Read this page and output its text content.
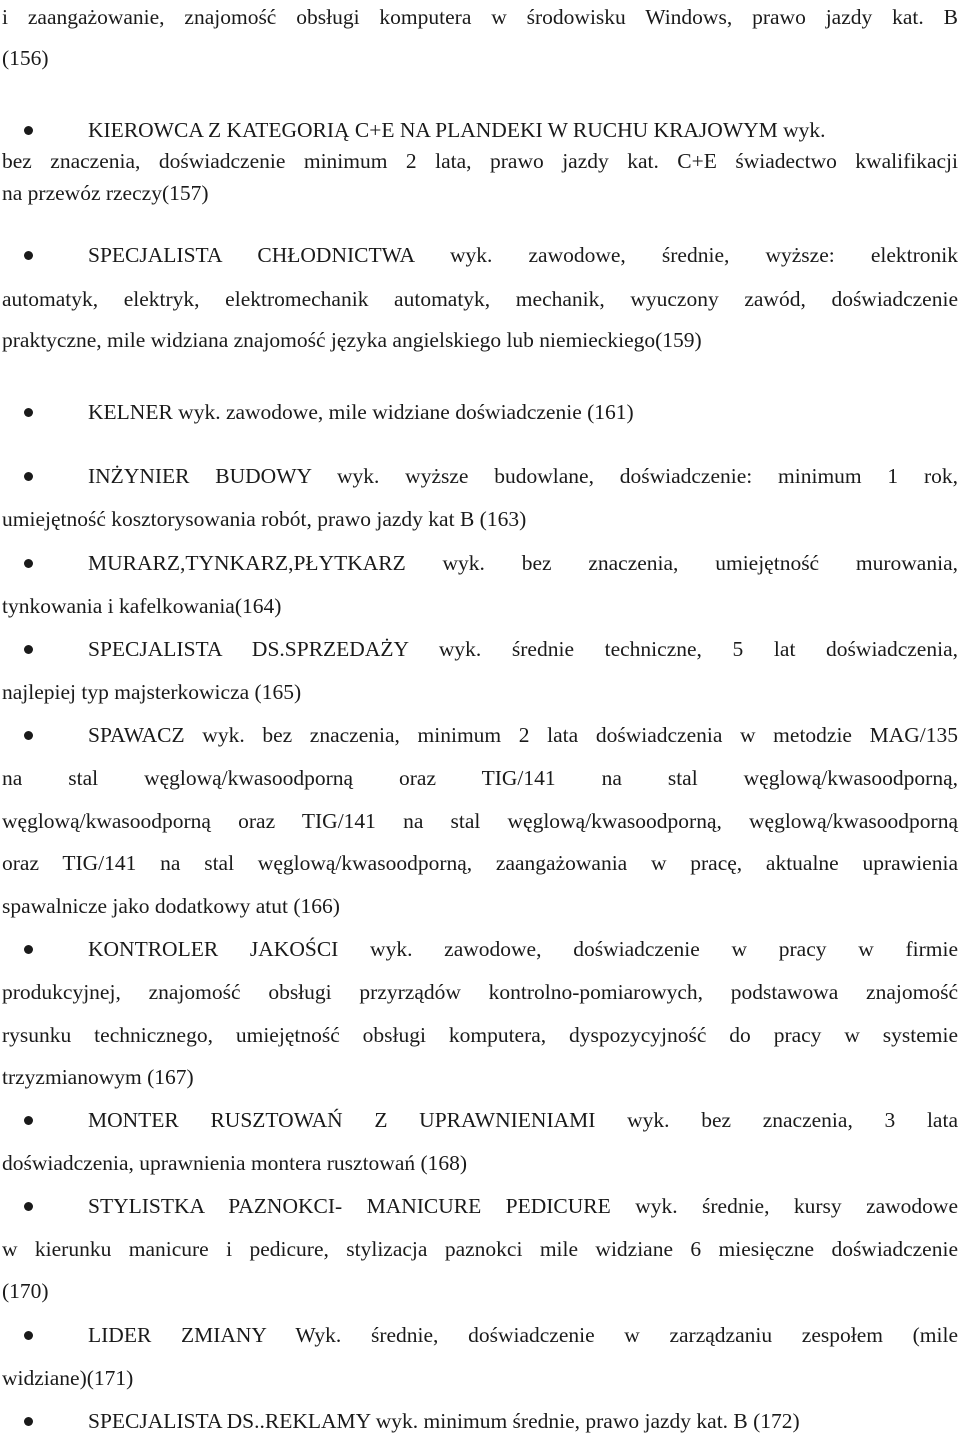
i zaangażowanie, znajomość obsługi komputera w środowisku Windows, prawo jazdy kat. B
(156)
KIEROWCA Z KATEGORIĄ C+E NA PLANDEKI W RUCHU KRAJOWYM wyk.
bez znaczenia, doświadczenie minimum 2 lata, prawo jazdy kat. C+E świadectwo kwalifikacji
na przewóz rzeczy(157)
SPECJALISTA CHŁODNICTWA wyk. zawodowe, średnie, wyższe: elektronik
automatyk, elektryk, elektromechanik automatyk, mechanik, wyuczony zawód, doświadczenie
praktyczne, mile widziana znajomość języka angielskiego lub niemieckiego(159)
KELNER wyk. zawodowe, mile widziane doświadczenie (161)
INŻYNIER BUDOWY wyk. wyższe budowlane, doświadczenie: minimum 1 rok,
umiejętność kosztorysowania robót, prawo jazdy kat B (163)
MURARZ,TYNKARZ,PŁYTKARZ wyk. bez znaczenia, umiejętność murowania,
tynkowania i kafelkowania(164)
SPECJALISTA DS.SPRZEDAŻY wyk. średnie techniczne, 5 lat doświadczenia,
najlepiej typ majsterkowicza (165)
SPAWACZ wyk. bez znaczenia, minimum 2 lata doświadczenia w metodzie MAG/135
na stal węglową/kwasoodporną oraz TIG/141 na stal węglową/kwasoodporną,
węglową/kwasoodporną oraz TIG/141 na stal węglową/kwasoodporną, węglową/kwasoodporną
oraz TIG/141 na stal węglową/kwasoodporną, zaangażowania w pracę, aktualne uprawienia
spawalnicze jako dodatkowy atut (166)
KONTROLER JAKOŚCI wyk. zawodowe, doświadczenie w pracy w firmie
produkcyjnej, znajomość obsługi przyrządów kontrolno-pomiarowych, podstawowa znajomość
rysunku technicznego, umiejętność obsługi komputera, dyspozycyjność do pracy w systemie
trzyzmianowym (167)
MONTER RUSZTOWAŃ Z UPRAWNIENIAMI wyk. bez znaczenia, 3 lata
doświadczenia, uprawnienia montera rusztowań (168)
STYLISTKA PAZNOKCI- MANICURE PEDICURE wyk. średnie, kursy zawodowe
w kierunku manicure i pedicure, stylizacja paznokci mile widziane 6 miesięczne doświadczenie
(170)
LIDER ZMIANY Wyk. średnie, doświadczenie w zarządzaniu zespołem (mile
widziane)(171)
SPECJALISTA DS..REKLAMY wyk. minimum średnie, prawo jazdy kat. B (172)
